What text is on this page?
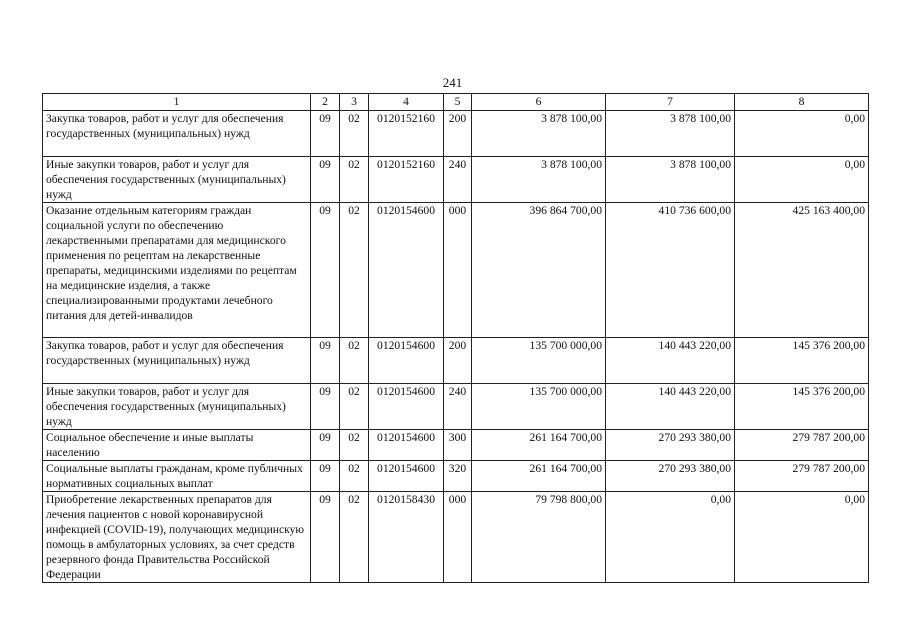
241
1	2	3	4	5	6	7	8
Закупка товаров, работ и услуг для обеспечения государственных (муниципальных) нужд	09	02	0120152160	200	3 878 100,00	3 878 100,00	0,00
Иные закупки товаров, работ и услуг для обеспечения государственных (муниципальных) нужд	09	02	0120152160	240	3 878 100,00	3 878 100,00	0,00
Оказание отдельным категориям граждан социальной услуги по обеспечению лекарственными препаратами для медицинского применения по рецептам на лекарственные препараты, медицинскими изделиями по рецептам на медицинские изделия, а также специализированными продуктами лечебного питания для детей-инвалидов	09	02	0120154600	000	396 864 700,00	410 736 600,00	425 163 400,00
Закупка товаров, работ и услуг для обеспечения государственных (муниципальных) нужд	09	02	0120154600	200	135 700 000,00	140 443 220,00	145 376 200,00
Иные закупки товаров, работ и услуг для обеспечения государственных (муниципальных) нужд	09	02	0120154600	240	135 700 000,00	140 443 220,00	145 376 200,00
Социальное обеспечение и иные выплаты населению	09	02	0120154600	300	261 164 700,00	270 293 380,00	279 787 200,00
Социальные выплаты гражданам, кроме публичных нормативных социальных выплат	09	02	0120154600	320	261 164 700,00	270 293 380,00	279 787 200,00
Приобретение лекарственных препаратов для лечения пациентов с новой коронавирусной инфекцией (COVID-19), получающих медицинскую помощь в амбулаторных условиях, за счет средств резервного фонда Правительства Российской Федерации	09	02	0120158430	000	79 798 800,00	0,00	0,00
